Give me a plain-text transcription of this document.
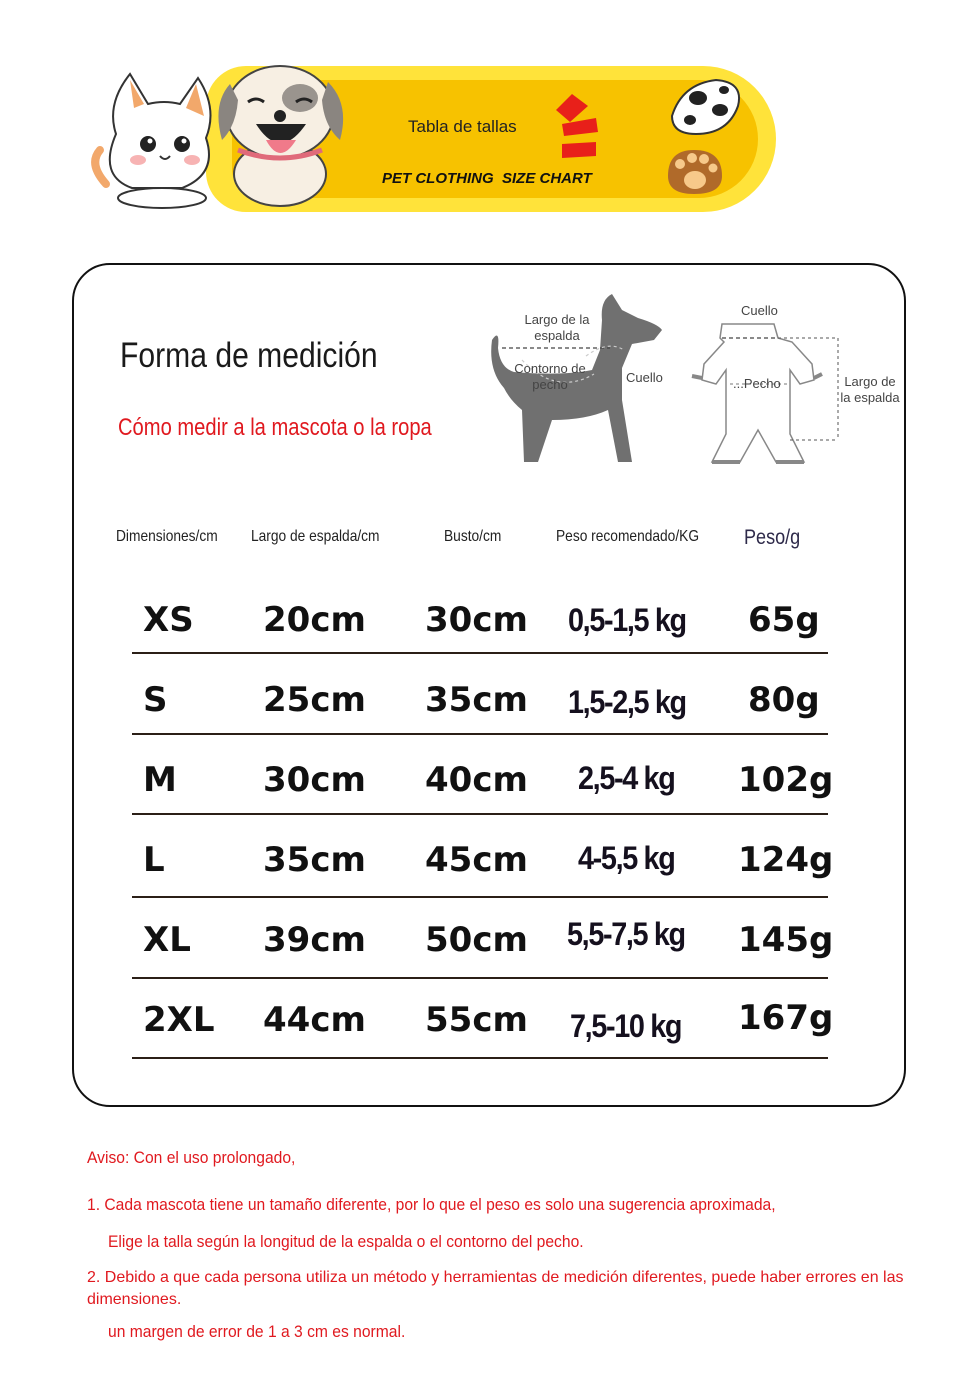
Tabla de tallas
PET CLOTHING  SIZE CHART
Forma de medición
Cómo medir a la mascota o la ropa
Largo de la espalda
Contorno de pecho	Cuello
Cuello
...Pecho	Largo de la espalda
Dimensiones/cm Largo de espalda/cm	Busto/cm	Peso recomendado/KG Peso/g
XS 20cm 30cm 0,5-1,5 kg 65g
S	25cm 35cm 1,5-2,5 kg 80g
M	30cm 40cm 2,5-4 kg 102g
L	35cm 45cm 4-5,5 kg 124g
XL 39cm 50cm 5,5-7,5 kg 145g
2XL 44cm 55cm 7,5-10 kg 167g
Aviso: Con el uso prolongado,
1. Cada mascota tiene un tamaño diferente, por lo que el peso es solo una sugerencia aproximada,
Elige la talla según la longitud de la espalda o el contorno del pecho.
2. Debido a que cada persona utiliza un método y herramientas de medición diferentes, puede haber errores en las dimensiones.
un margen de error de 1 a 3 cm es normal.
